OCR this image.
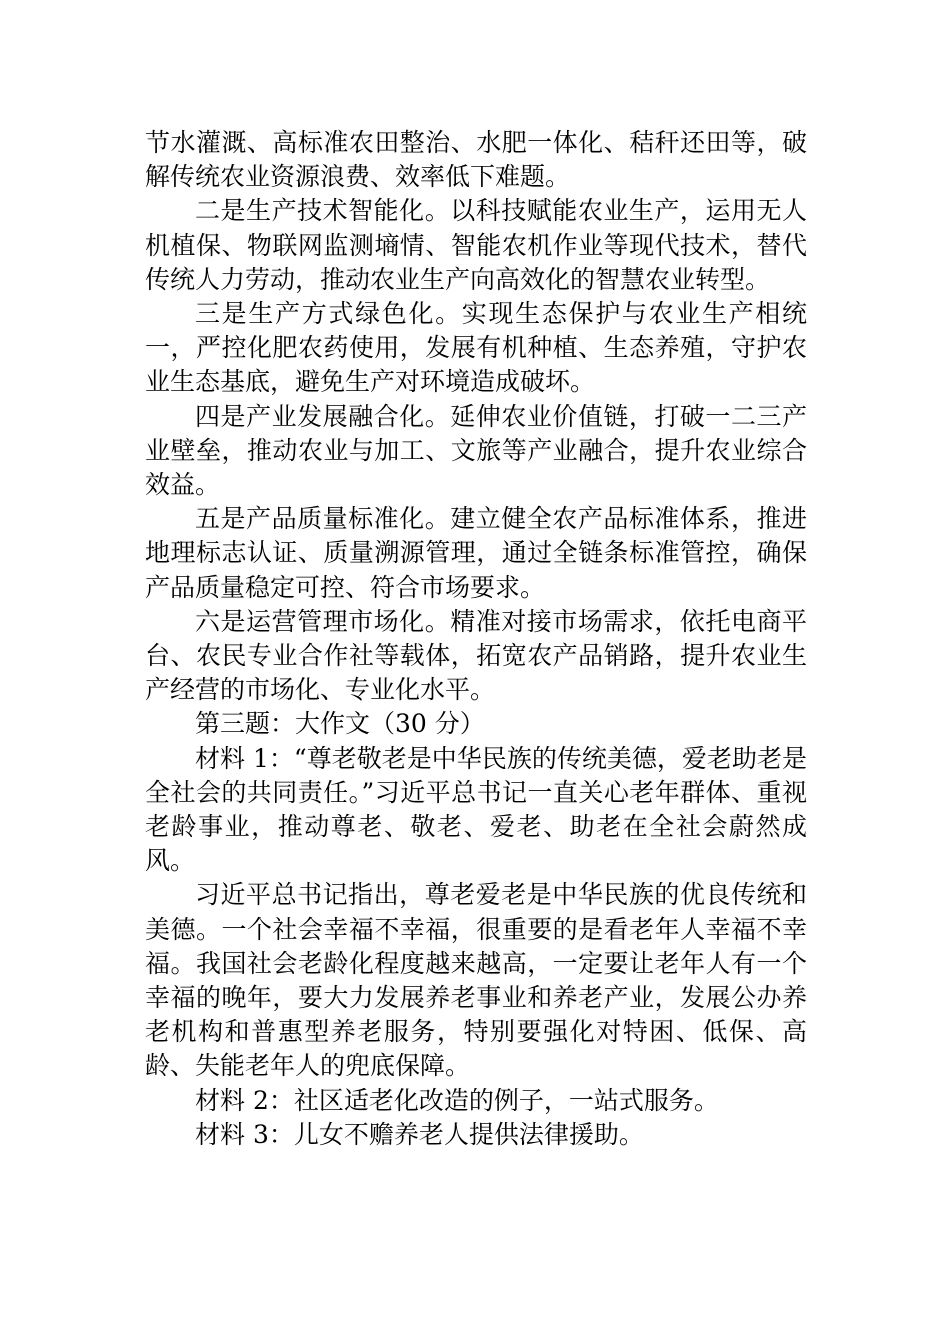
节水灌溉、高标准农田整治、水肥一体化、秸秆还田等，破解传统农业资源浪费、效率低下难题。

二是生产技术智能化。以科技赋能农业生产，运用无人机植保、物联网监测墒情、智能农机作业等现代技术，替代传统人力劳动，推动农业生产向高效化的智慧农业转型。

三是生产方式绿色化。实现生态保护与农业生产相统一，严控化肥农药使用，发展有机种植、生态养殖，守护农业生态基底，避免生产对环境造成破坏。

四是产业发展融合化。延伸农业价值链，打破一二三产业壁垒，推动农业与加工、文旅等产业融合，提升农业综合效益。

五是产品质量标准化。建立健全农产品标准体系，推进地理标志认证、质量溯源管理，通过全链条标准管控，确保产品质量稳定可控、符合市场要求。

六是运营管理市场化。精准对接市场需求，依托电商平台、农民专业合作社等载体，拓宽农产品销路，提升农业生产经营的市场化、专业化水平。

第三题：大作文（30 分）

材料 1：“尊老敬老是中华民族的传统美德，爱老助老是全社会的共同责任。”习近平总书记一直关心老年群体、重视老龄事业，推动尊老、敬老、爱老、助老在全社会蔚然成风。

习近平总书记指出，尊老爱老是中华民族的优良传统和美德。一个社会幸福不幸福，很重要的是看老年人幸福不幸福。我国社会老龄化程度越来越高，一定要让老年人有一个幸福的晚年，要大力发展养老事业和养老产业，发展公办养老机构和普惠型养老服务，特别要强化对特困、低保、高龄、失能老年人的兜底保障。

材料 2：社区适老化改造的例子，一站式服务。

材料 3：儿女不赡养老人提供法律援助。
